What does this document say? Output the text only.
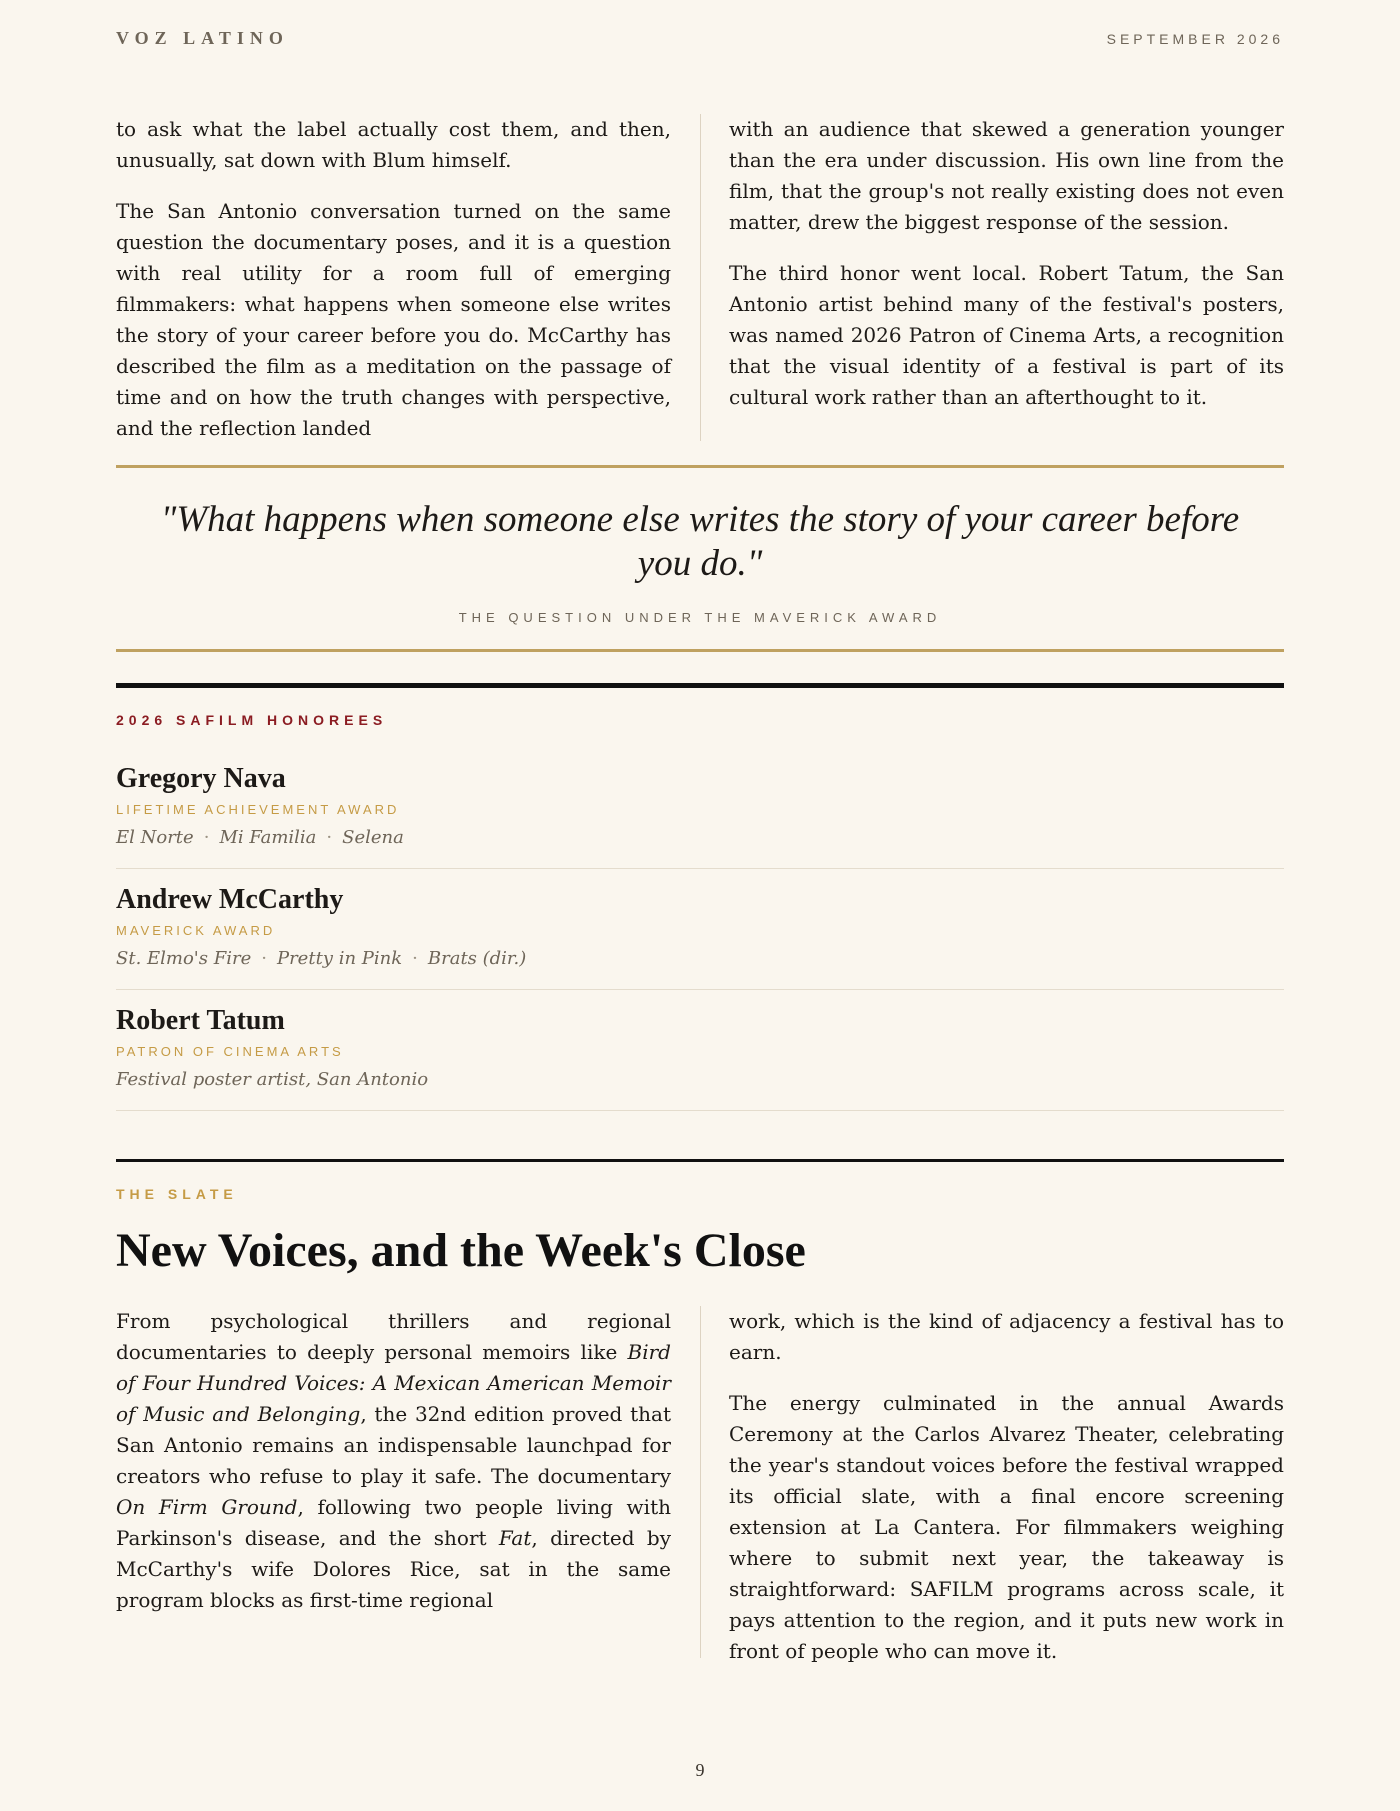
VOZ LATINO	SEPTEMBER 2026

to ask what the label actually cost them, and then, unusually, sat down with Blum himself.

The San Antonio conversation turned on the same question the documentary poses, and it is a question with real utility for a room full of emerging filmmakers: what happens when someone else writes the story of your career before you do. McCarthy has described the film as a meditation on the passage of time and on how the truth changes with perspective, and the reflection landed

with an audience that skewed a generation younger than the era under discussion. His own line from the film, that the group's not really existing does not even matter, drew the biggest response of the session.

The third honor went local. Robert Tatum, the San Antonio artist behind many of the festival's posters, was named 2026 Patron of Cinema Arts, a recognition that the visual identity of a festival is part of its cultural work rather than an afterthought to it.

"What happens when someone else writes the story of your career before you do."
THE QUESTION UNDER THE MAVERICK AWARD
2026 SAFILM HONOREES
Gregory Nava
LIFETIME ACHIEVEMENT AWARD
El Norte · Mi Familia · Selena
Andrew McCarthy
MAVERICK AWARD
St. Elmo's Fire · Pretty in Pink · Brats (dir.)
Robert Tatum
PATRON OF CINEMA ARTS
Festival poster artist, San Antonio
THE SLATE
New Voices, and the Week's Close

From psychological thrillers and regional documentaries to deeply personal memoirs like Bird of Four Hundred Voices: A Mexican American Memoir of Music and Belonging, the 32nd edition proved that San Antonio remains an indispensable launchpad for creators who refuse to play it safe. The documentary On Firm Ground, following two people living with Parkinson's disease, and the short Fat, directed by McCarthy's wife Dolores Rice, sat in the same program blocks as first-time regional

work, which is the kind of adjacency a festival has to earn.

The energy culminated in the annual Awards Ceremony at the Carlos Alvarez Theater, celebrating the year's standout voices before the festival wrapped its official slate, with a final encore screening extension at La Cantera. For filmmakers weighing where to submit next year, the takeaway is straightforward: SAFILM programs across scale, it pays attention to the region, and it puts new work in front of people who can move it.

9
